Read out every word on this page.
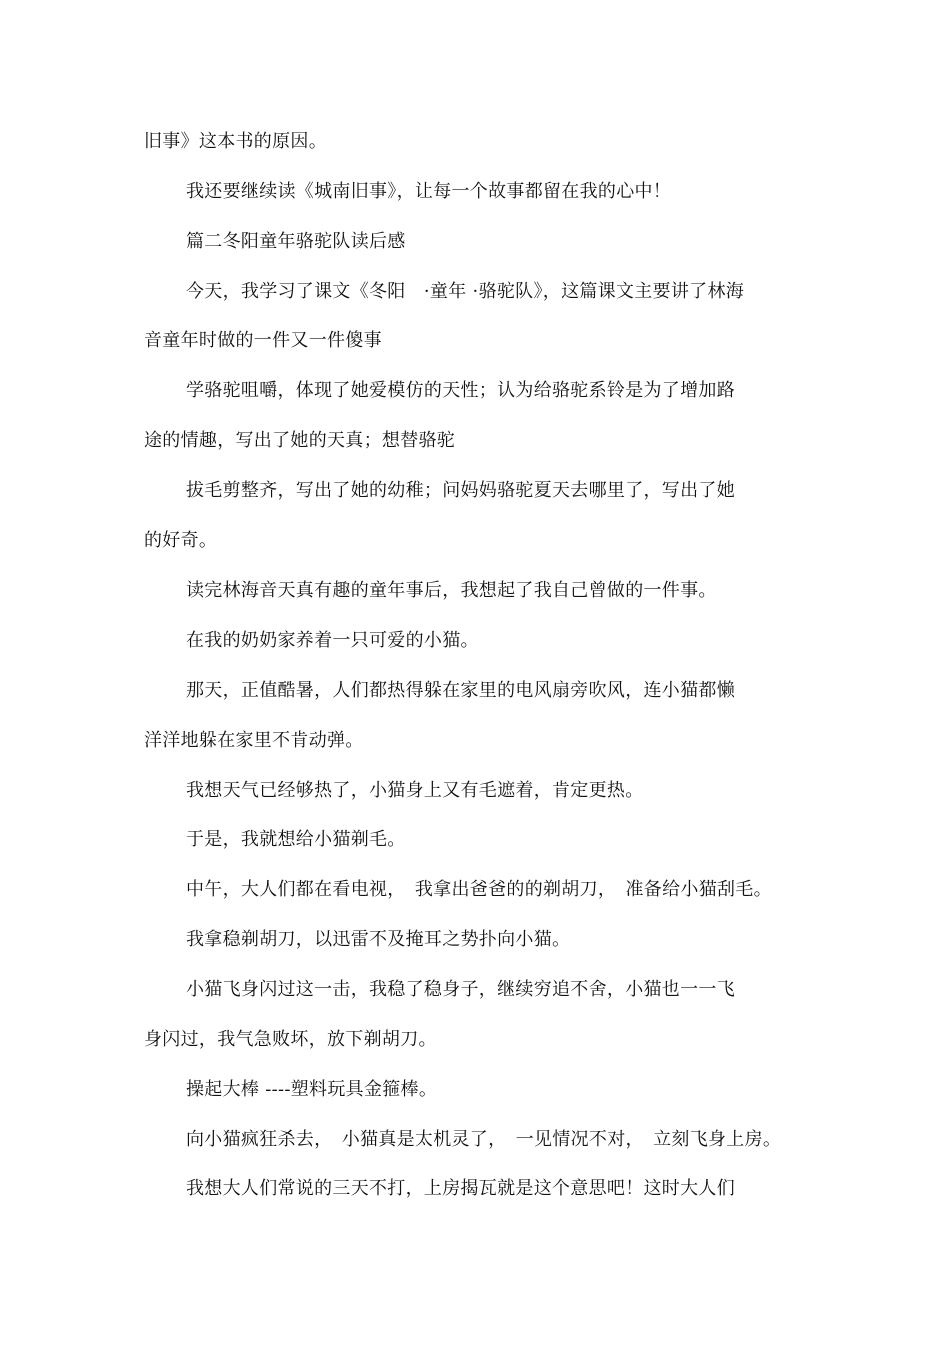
旧事》这本书的原因。
我还要继续读《城南旧事》，让每一个故事都留在我的心中！
篇二冬阳童年骆驼队读后感
今天，我学习了课文《冬阳　·童年 ·骆驼队》，这篇课文主要讲了林海
音童年时做的一件又一件傻事
学骆驼咀嚼，体现了她爱模仿的天性；认为给骆驼系铃是为了增加路
途的情趣，写出了她的天真；想替骆驼
拔毛剪整齐，写出了她的幼稚；问妈妈骆驼夏天去哪里了，写出了她
的好奇。
读完林海音天真有趣的童年事后，我想起了我自己曾做的一件事。
在我的奶奶家养着一只可爱的小猫。
那天，正值酷暑，人们都热得躲在家里的电风扇旁吹风，连小猫都懒
洋洋地躲在家里不肯动弹。
我想天气已经够热了，小猫身上又有毛遮着，肯定更热。
于是，我就想给小猫剃毛。
中午，大人们都在看电视，　我拿出爸爸的的剃胡刀，　准备给小猫刮毛。
我拿稳剃胡刀，以迅雷不及掩耳之势扑向小猫。
小猫飞身闪过这一击，我稳了稳身子，继续穷追不舍，小猫也一一飞
身闪过，我气急败坏，放下剃胡刀。
操起大棒 ----塑料玩具金箍棒。
向小猫疯狂杀去，　小猫真是太机灵了，　一见情况不对，　立刻飞身上房。
我想大人们常说的三天不打，上房揭瓦就是这个意思吧！这时大人们
